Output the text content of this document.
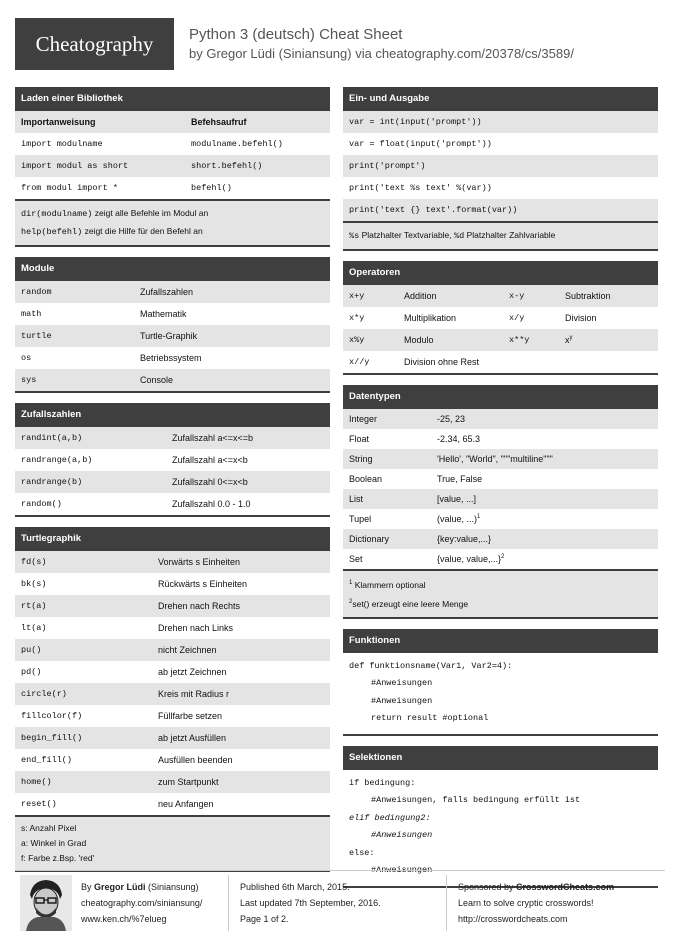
Cheatography	Python 3 (deutsch) Cheat Sheet
by Gregor Lüdi (Siniansung) via cheatography.com/20378/cs/3589/
Laden einer Bibliothek
Importanweisung	Befehsaufruf
import modulname	modulname.befehl()
import modul as short	short.befehl()
from modul import *	befehl()
dir(modulname) zeigt alle Befehle im Modul an
help(befehl) zeigt die Hilfe für den Befehl an
Module
random	Zufallszahlen
math	Mathematik
turtle	Turtle-Graphik
os	Betriebssystem
sys	Console
Zufallszahlen
randint(a,b)	Zufallszahl a<=x<=b
randrange(a,b)	Zufallszahl a<=x<b
randrange(b)	Zufallszahl 0<=x<b
random()	Zufallszahl 0.0 - 1.0
Turtlegraphik
fd(s)	Vorwärts s Einheiten
bk(s)	Rückwärts s Einheiten
rt(a)	Drehen nach Rechts
lt(a)	Drehen nach Links
pu()	nicht Zeichnen
pd()	ab jetzt Zeichnen
circle(r)	Kreis mit Radius r
fillcolor(f)	Füllfarbe setzen
begin_fill()	ab jetzt Ausfüllen
end_fill()	Ausfüllen beenden
home()	zum Startpunkt
reset()	neu Anfangen
s: Anzahl Pixel
a: Winkel in Grad
f: Farbe z.Bsp. 'red'
Ein- und Ausgabe
var = int(input('prompt'))
var = float(input('prompt'))
print('prompt')
print('text %s text' %(var))
print('text {} text'.format(var))
%s Platzhalter Textvariable, %d Platzhalter Zahlvariable
Operatoren
x+y	Addition	x-y	Subtraktion
x*y	Multiplikation	x/y	Division
x%y	Modulo	x**y	$x^y$
x//y	Division ohne Rest
Datentypen
Integer	-25, 23
Float	-2.34, 65.3
String	'Hello', "World", """multiline"""
Boolean	True, False
List	[value, ...]
Tupel	(value, ...)$^1$
Dictionary	{key:value,...}
Set	{value, value,...}$^2$
$^1$ Klammern optional
$^2$set() erzeugt eine leere Menge
Funktionen
def funktionsname(Var1, Var2=4):
#Anweisungen
#Anweisungen
return result #optional
Selektionen
if bedingung:
#Anweisungen, falls bedingung erfüllt ist
elif bedingung2:
#Anweisungen
else:
#Anweisungen
By Gregor Lüdi (Siniansung)
cheatography.com/siniansung/
www.ken.ch/%7elueg
Published 6th March, 2015.
Last updated 7th September, 2016.
Page 1 of 2.
Sponsored by CrosswordCheats.com
Learn to solve cryptic crosswords!
http://crosswordcheats.com
